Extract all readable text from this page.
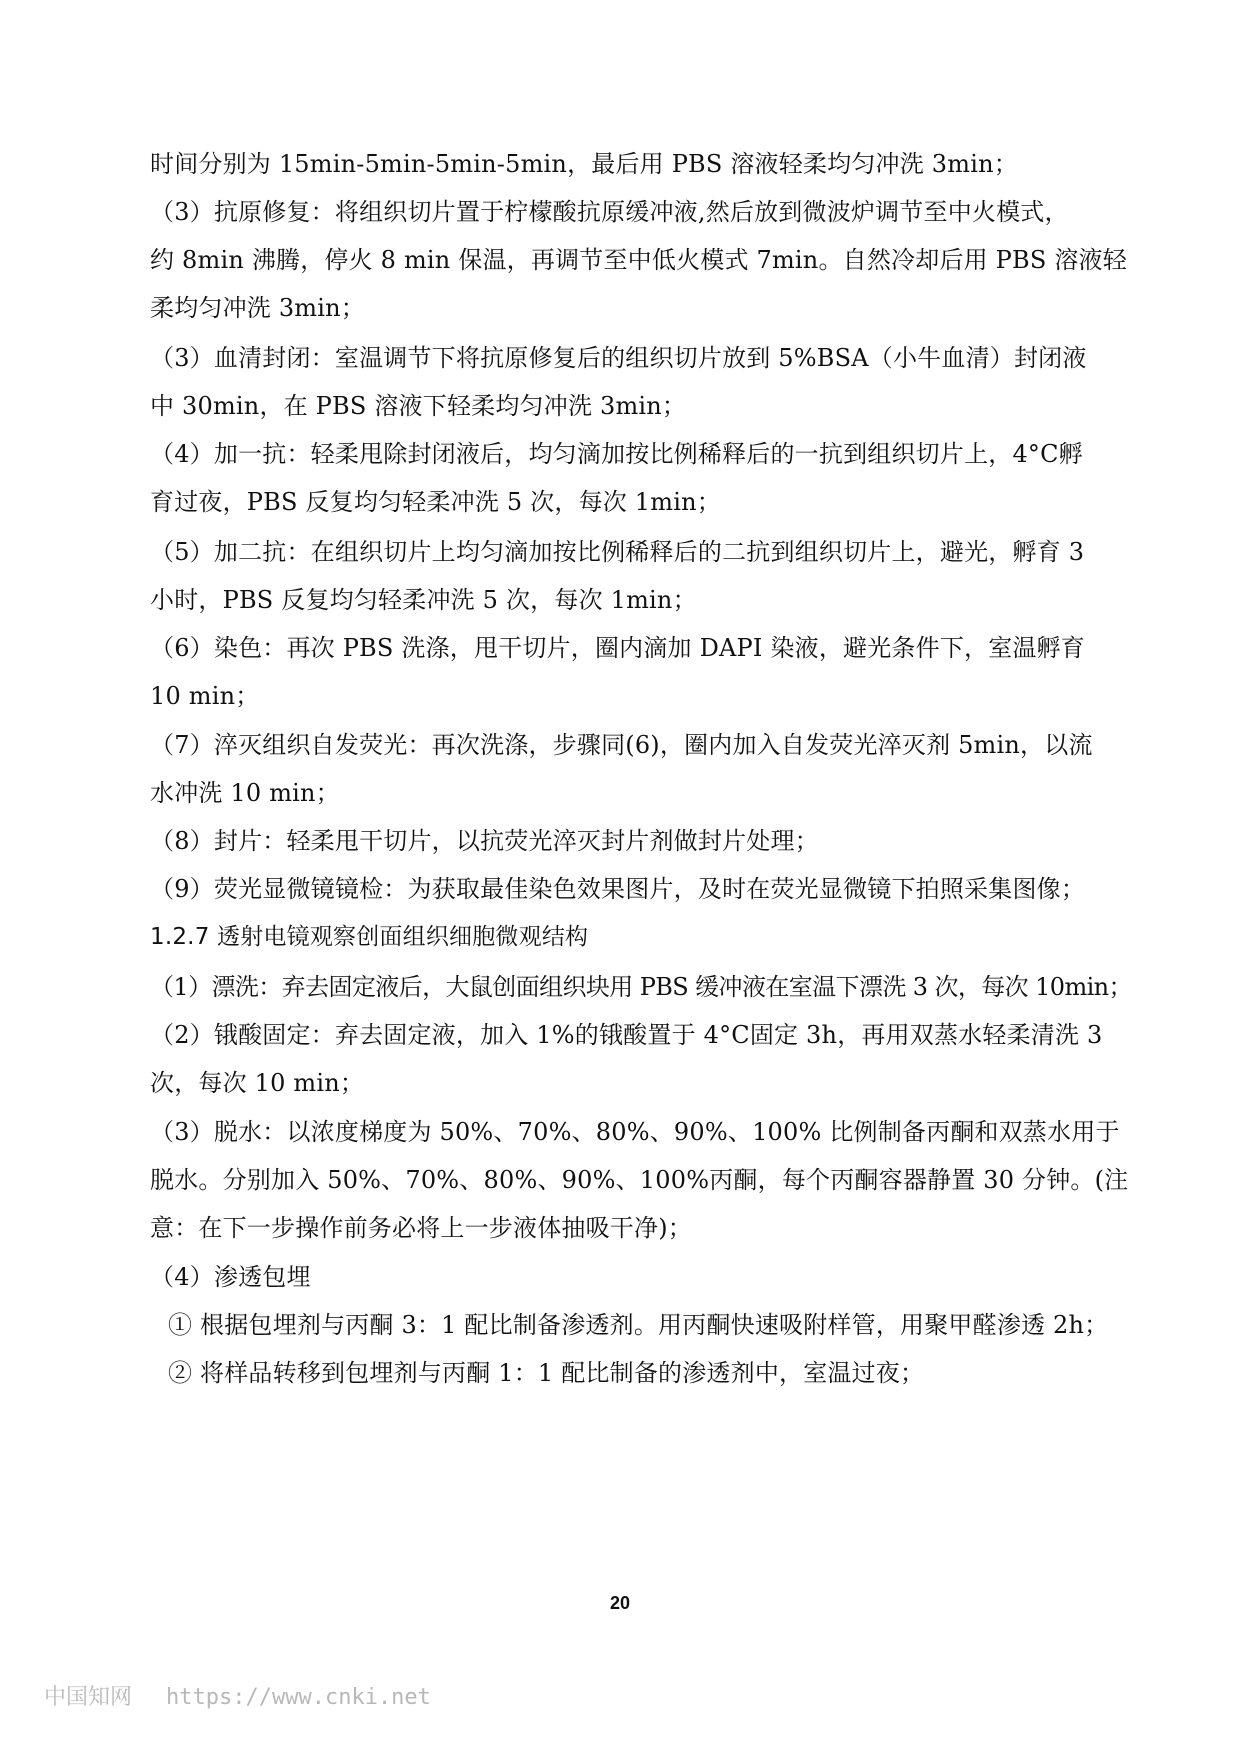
时间分别为 15min-5min-5min-5min，最后用 PBS 溶液轻柔均匀冲洗 3min；
（3）抗原修复：将组织切片置于柠檬酸抗原缓冲液,然后放到微波炉调节至中火模式，
约 8min 沸腾，停火 8 min 保温，再调节至中低火模式 7min。自然冷却后用 PBS 溶液轻
柔均匀冲洗 3min；
（3）血清封闭：室温调节下将抗原修复后的组织切片放到 5%BSA（小牛血清）封闭液
中 30min，在 PBS 溶液下轻柔均匀冲洗 3min；
（4）加一抗：轻柔甩除封闭液后，均匀滴加按比例稀释后的一抗到组织切片上，4°C孵
育过夜，PBS 反复均匀轻柔冲洗 5 次，每次 1min；
（5）加二抗：在组织切片上均匀滴加按比例稀释后的二抗到组织切片上，避光，孵育 3
小时，PBS 反复均匀轻柔冲洗 5 次，每次 1min；
（6）染色：再次 PBS 洗涤，甩干切片，圈内滴加 DAPI 染液，避光条件下，室温孵育
10 min；
（7）淬灭组织自发荧光：再次洗涤，步骤同(6)，圈内加入自发荧光淬灭剂 5min，以流
水冲洗 10 min；
（8）封片：轻柔甩干切片，以抗荧光淬灭封片剂做封片处理；
（9）荧光显微镜镜检：为获取最佳染色效果图片，及时在荧光显微镜下拍照采集图像；
1.2.7 透射电镜观察创面组织细胞微观结构
（1）漂洗：弃去固定液后，大鼠创面组织块用 PBS 缓冲液在室温下漂洗 3 次，每次 10min；
（2）锇酸固定：弃去固定液，加入 1%的锇酸置于 4°C固定 3h，再用双蒸水轻柔清洗 3
次，每次 10 min；
（3）脱水：以浓度梯度为 50%、70%、80%、90%、100% 比例制备丙酮和双蒸水用于
脱水。分别加入 50%、70%、80%、90%、100%丙酮，每个丙酮容器静置 30 分钟。(注
意：在下一步操作前务必将上一步液体抽吸干净)；
（4）渗透包埋
① 根据包埋剂与丙酮 3：1 配比制备渗透剂。用丙酮快速吸附样管，用聚甲醛渗透 2h；
② 将样品转移到包埋剂与丙酮 1：1 配比制备的渗透剂中，室温过夜；
20
中国知网 https://www.cnki.net
